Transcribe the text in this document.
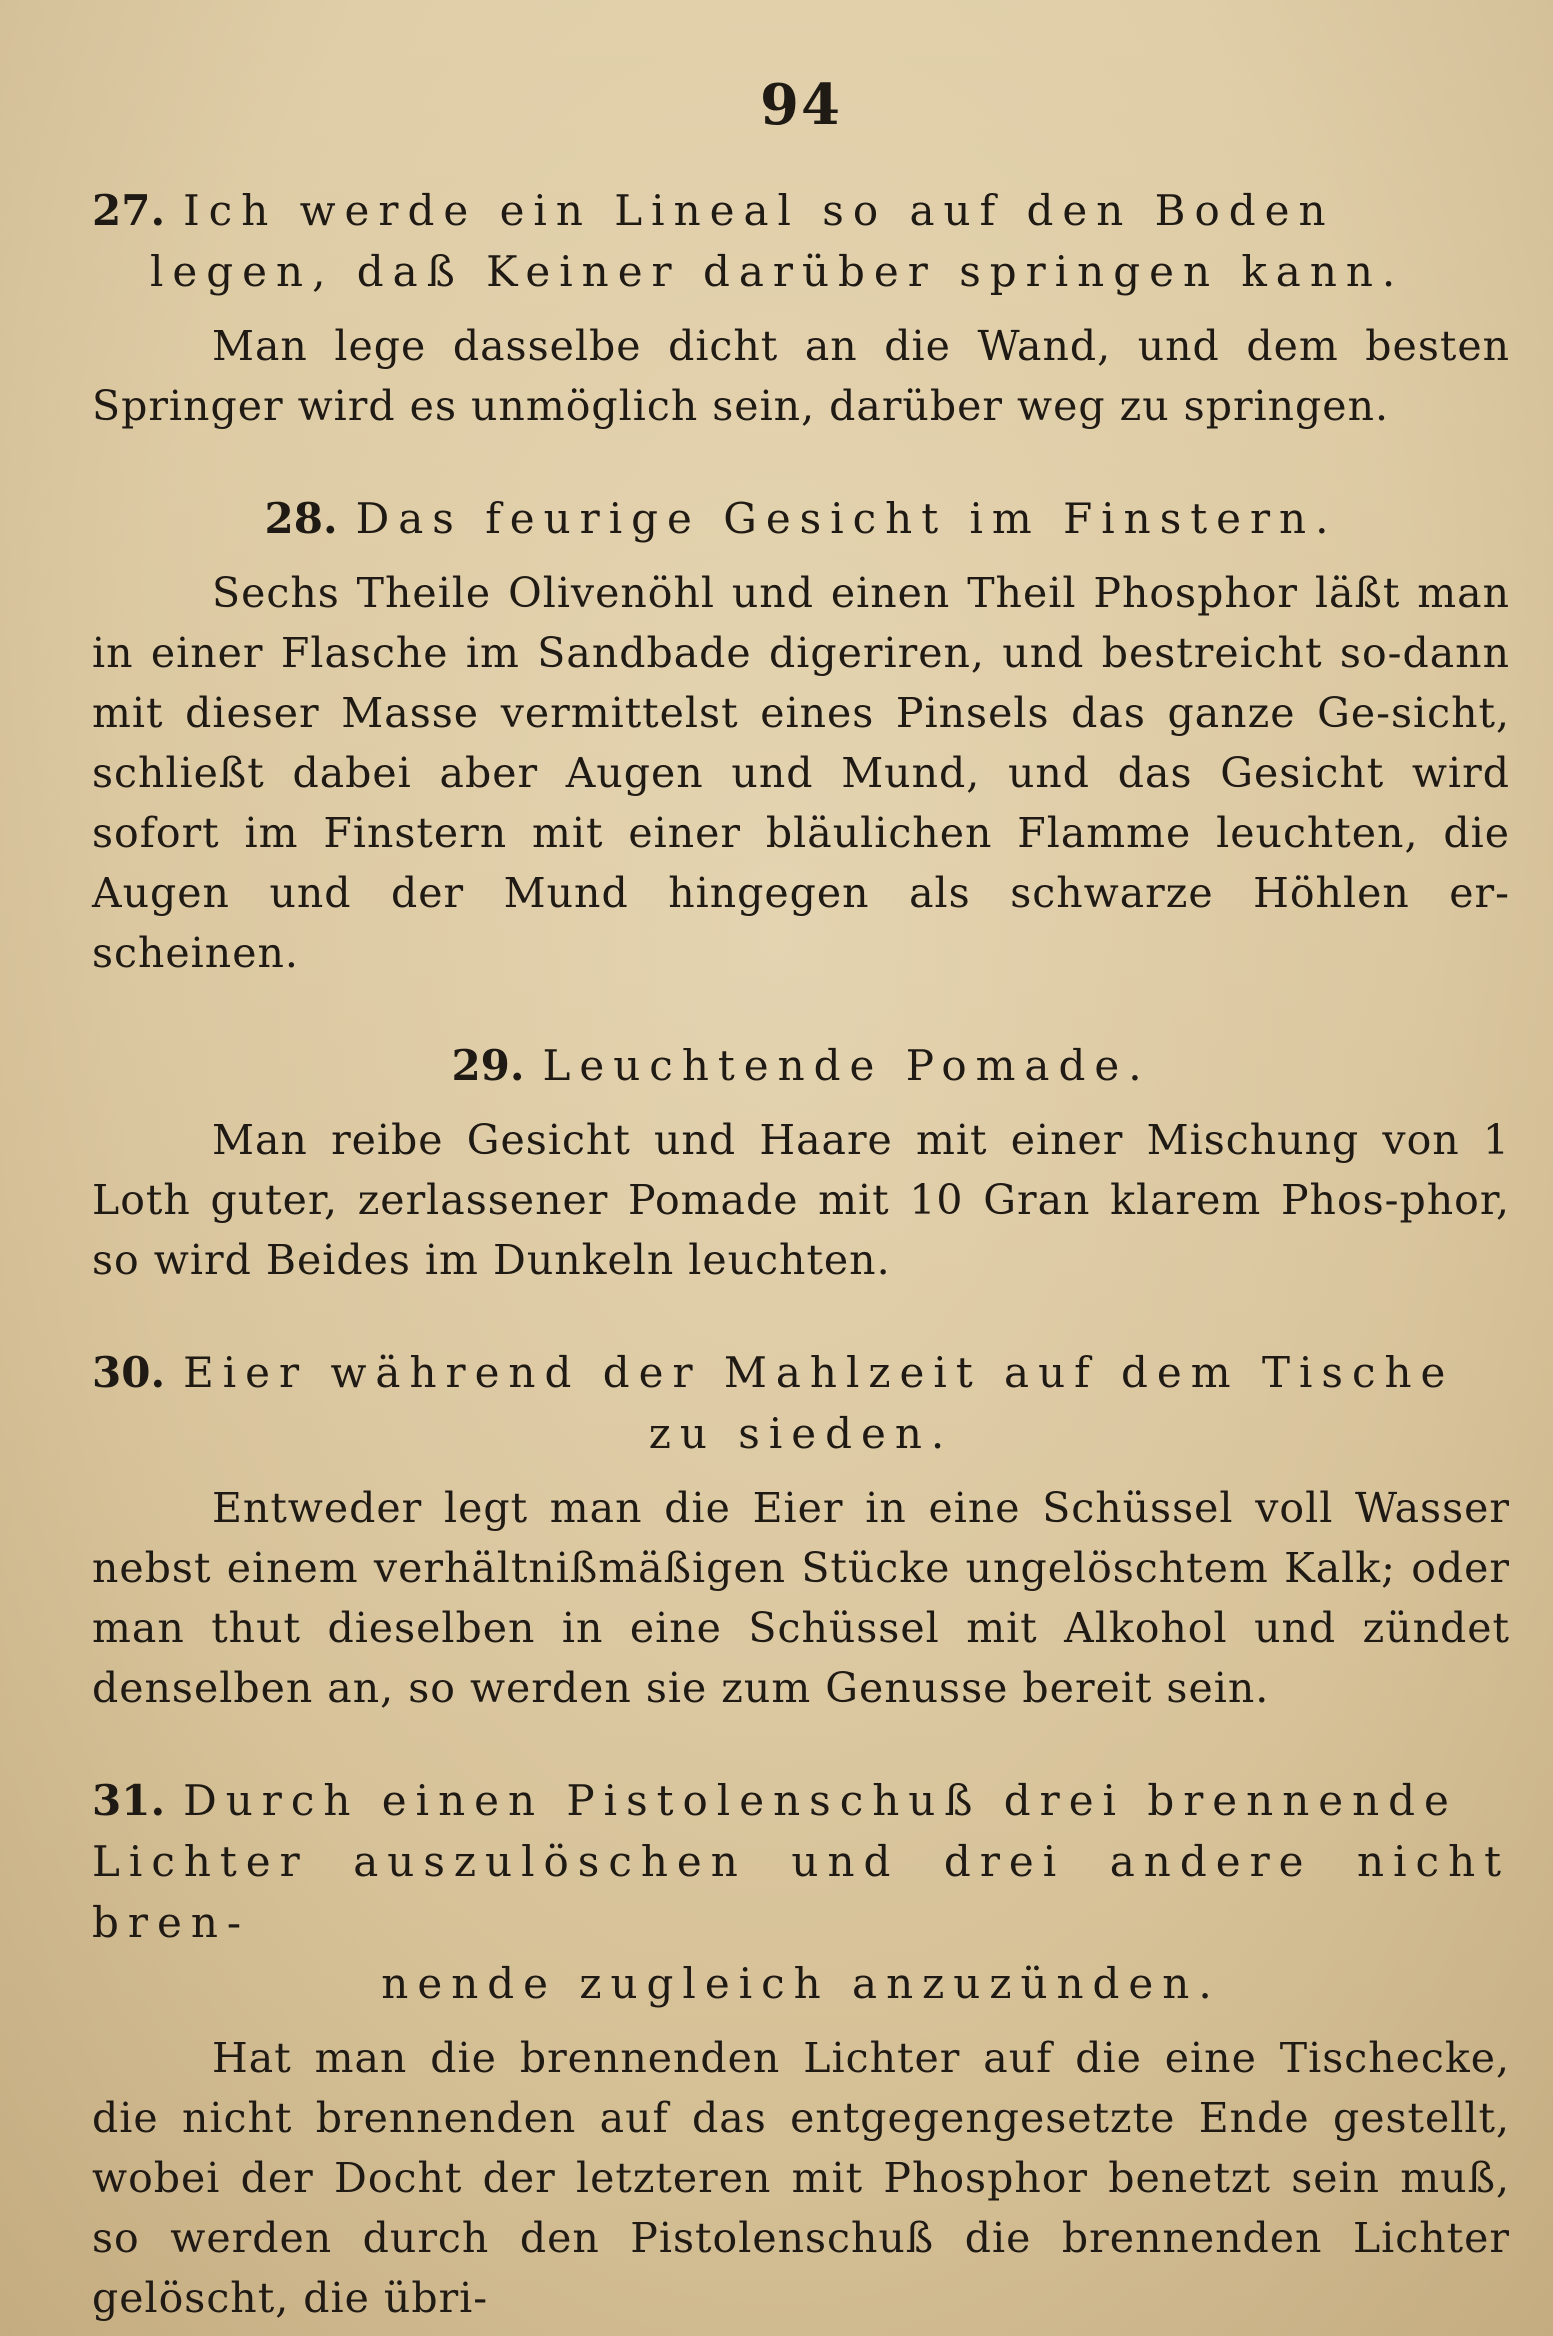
94
27. Ich werde ein Lineal so auf den Boden
legen, daß Keiner darüber springen kann.

Man lege dasselbe dicht an die Wand, und dem besten Springer wird es unmöglich sein, darüber weg zu springen.

28. Das feurige Gesicht im Finstern.

Sechs Theile Olivenöhl und einen Theil Phosphor läßt man in einer Flasche im Sandbade digeriren, und bestreicht so-dann mit dieser Masse vermittelst eines Pinsels das ganze Ge-sicht, schließt dabei aber Augen und Mund, und das Gesicht wird sofort im Finstern mit einer bläulichen Flamme leuchten, die Augen und der Mund hingegen als schwarze Höhlen er-scheinen.

29. Leuchtende Pomade.

Man reibe Gesicht und Haare mit einer Mischung von 1 Loth guter, zerlassener Pomade mit 10 Gran klarem Phos-phor, so wird Beides im Dunkeln leuchten.

30. Eier während der Mahlzeit auf dem Tische
zu sieden.

Entweder legt man die Eier in eine Schüssel voll Wasser nebst einem verhältnißmäßigen Stücke ungelöschtem Kalk; oder man thut dieselben in eine Schüssel mit Alkohol und zündet denselben an, so werden sie zum Genusse bereit sein.

31. Durch einen Pistolenschuß drei brennende
Lichter auszulöschen und drei andere nicht bren-
nende zugleich anzuzünden.

Hat man die brennenden Lichter auf die eine Tischecke, die nicht brennenden auf das entgegengesetzte Ende gestellt, wobei der Docht der letzteren mit Phosphor benetzt sein muß, so werden durch den Pistolenschuß die brennenden Lichter gelöscht, die übri-
